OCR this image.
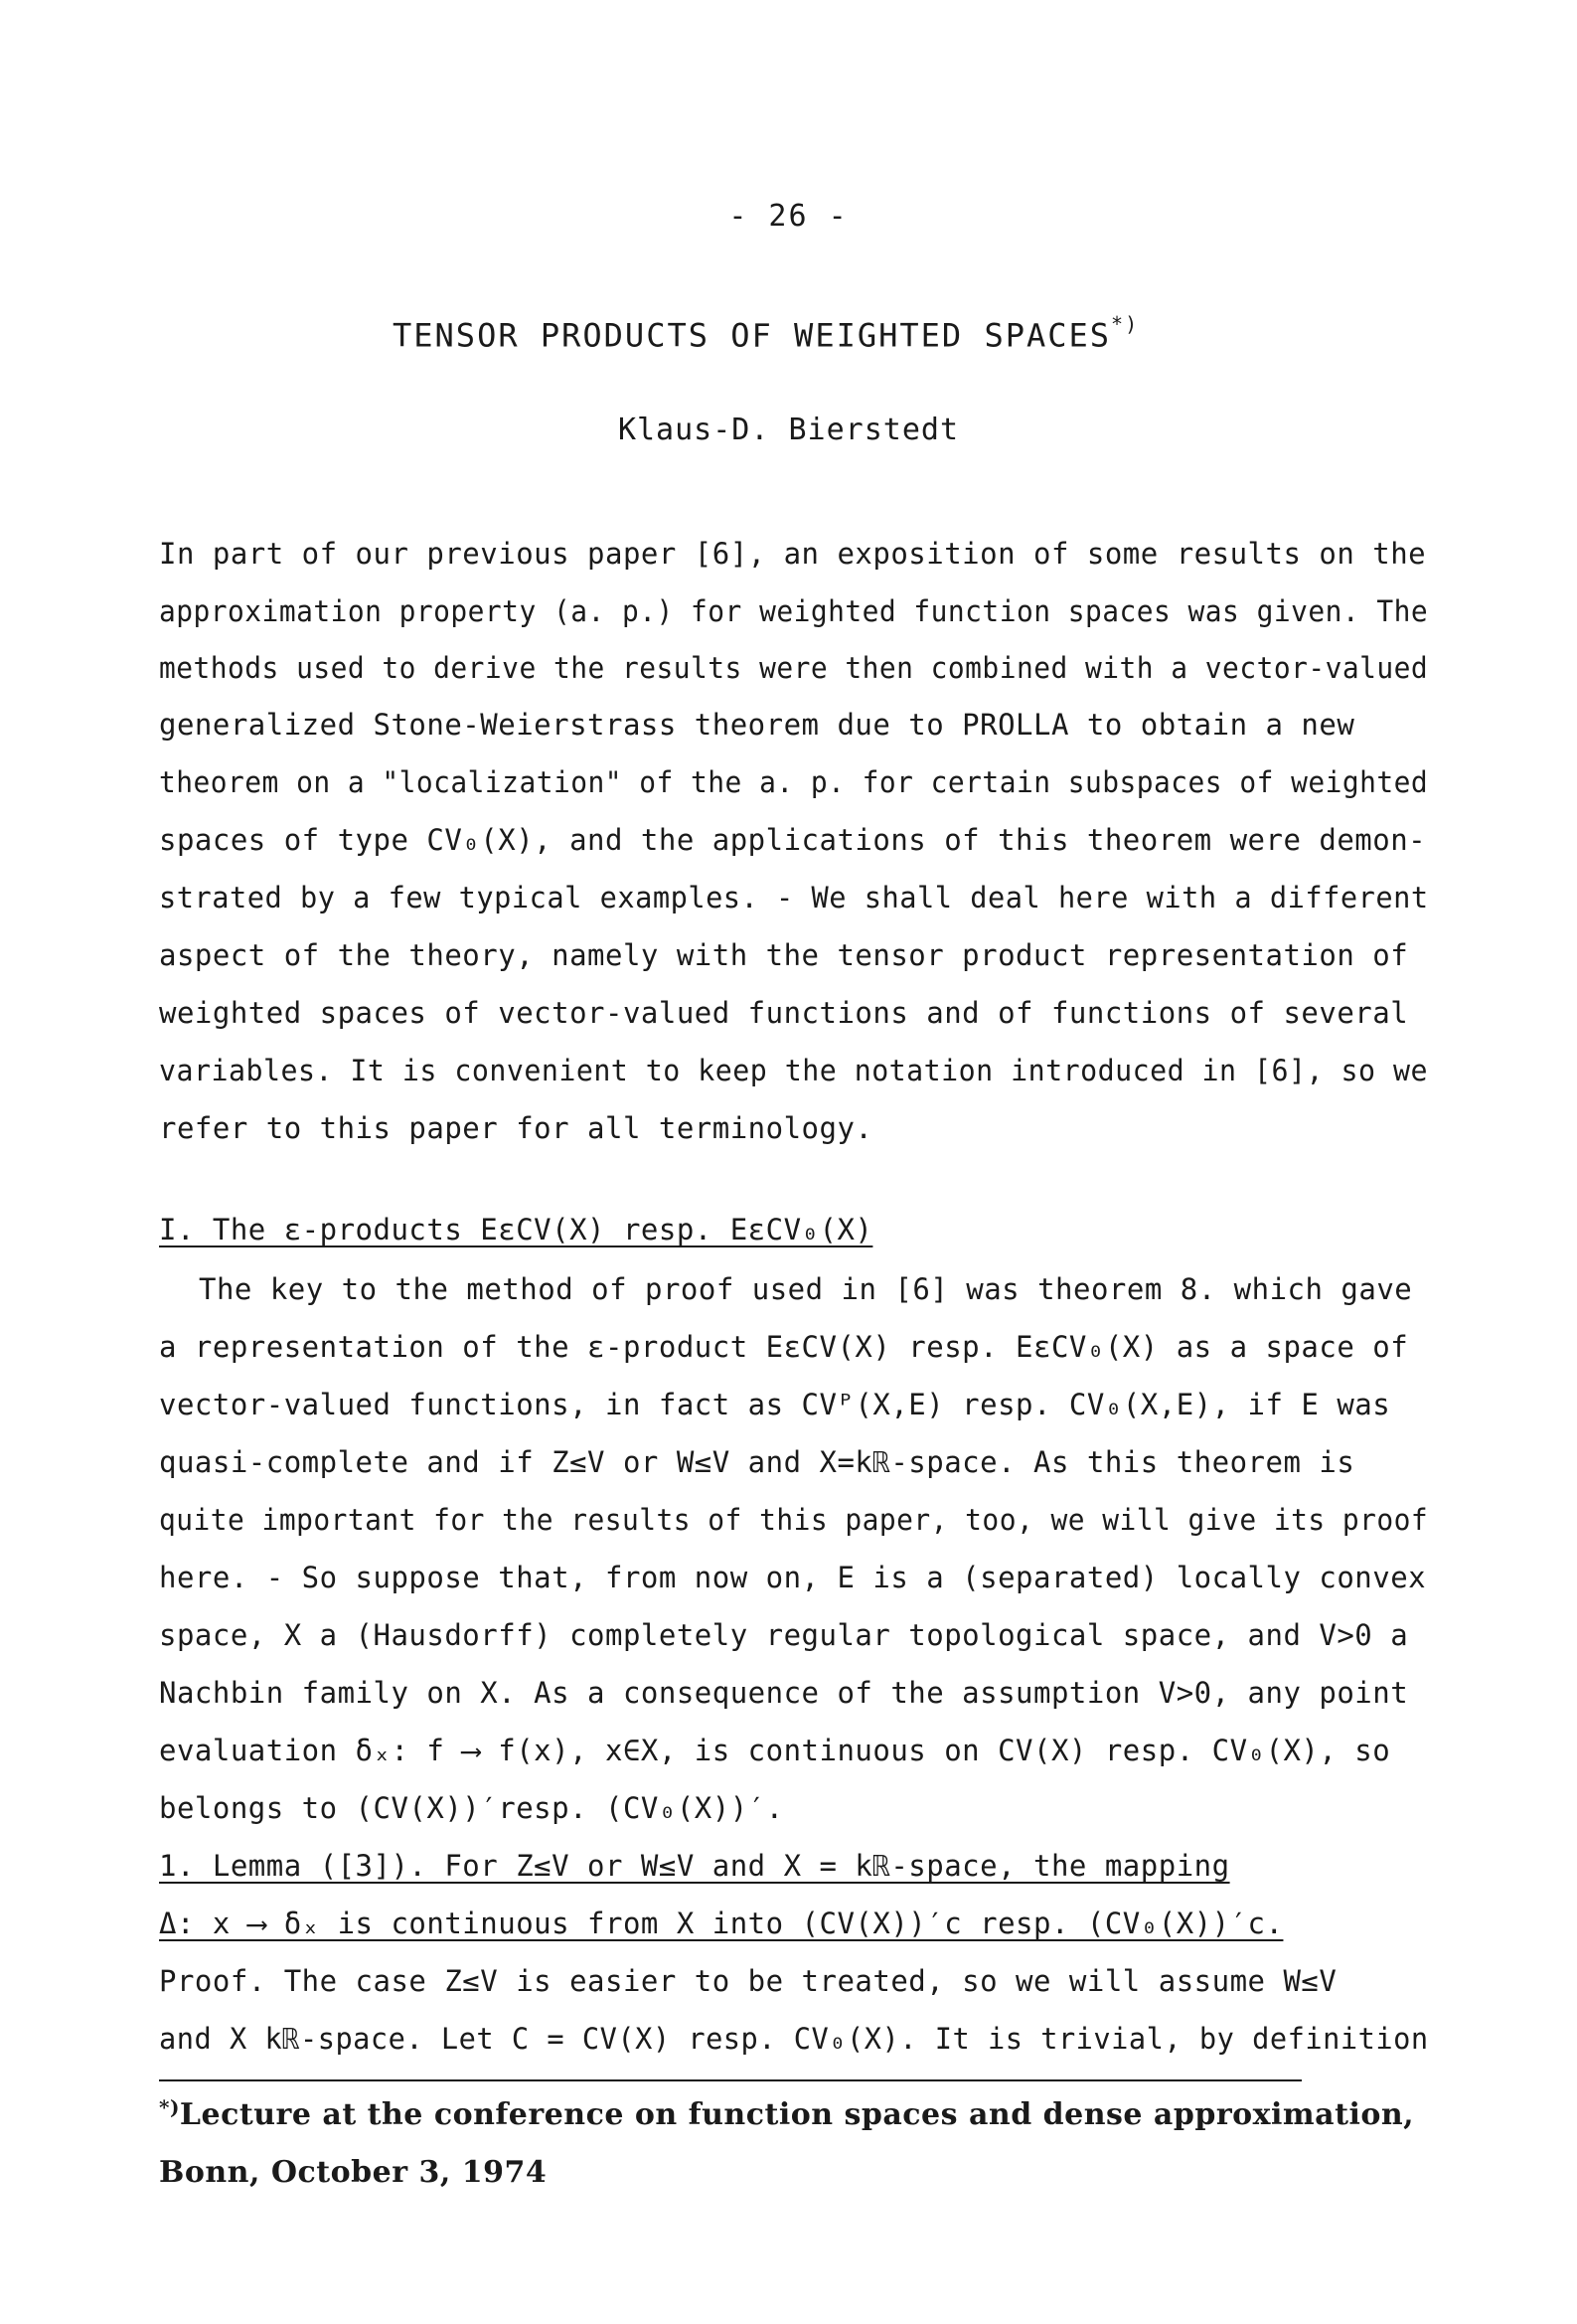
- 26 -
TENSOR PRODUCTS OF WEIGHTED SPACES*)
Klaus-D. Bierstedt
In part of our previous paper [6], an exposition of some results on the
approximation property (a. p.) for weighted function spaces was given. The
methods used to derive the results were then combined with a vector-valued
generalized Stone-Weierstrass theorem due to PROLLA to obtain a new
theorem on a "localization" of the a. p. for certain subspaces of weighted
spaces of type CV₀(X), and the applications of this theorem were demon-
strated by a few typical examples. - We shall deal here with a different
aspect of the theory, namely with the tensor product representation of
weighted spaces of vector-valued functions and of functions of several
variables. It is convenient to keep the notation introduced in [6], so we
refer to this paper for all terminology.
I. The ε-products EεCV(X) resp. EεCV₀(X)
The key to the method of proof used in [6] was theorem 8. which gave
a representation of the ε-product EεCV(X) resp. EεCV₀(X) as a space of
vector-valued functions, in fact as CVᴾ(X,E) resp. CV₀(X,E), if E was
quasi-complete and if Z≤V or W≤V and X=kℝ-space. As this theorem is
quite important for the results of this paper, too, we will give its proof
here. - So suppose that, from now on, E is a (separated) locally convex
space, X a (Hausdorff) completely regular topological space, and V>0 a
Nachbin family on X. As a consequence of the assumption V>0, any point
evaluation δₓ: f ⟶ f(x), x∈X, is continuous on CV(X) resp. CV₀(X), so
belongs to (CV(X))′resp. (CV₀(X))′.
1. Lemma ([3]). For Z≤V or W≤V and X = kℝ-space, the mapping
Δ: x ⟶ δₓ is continuous from X into (CV(X))′c resp. (CV₀(X))′c.
Proof. The case Z≤V is easier to be treated, so we will assume W≤V
and X kℝ-space. Let C = CV(X) resp. CV₀(X). It is trivial, by definition
*)Lecture at the conference on function spaces and dense approximation,
Bonn, October 3, 1974
